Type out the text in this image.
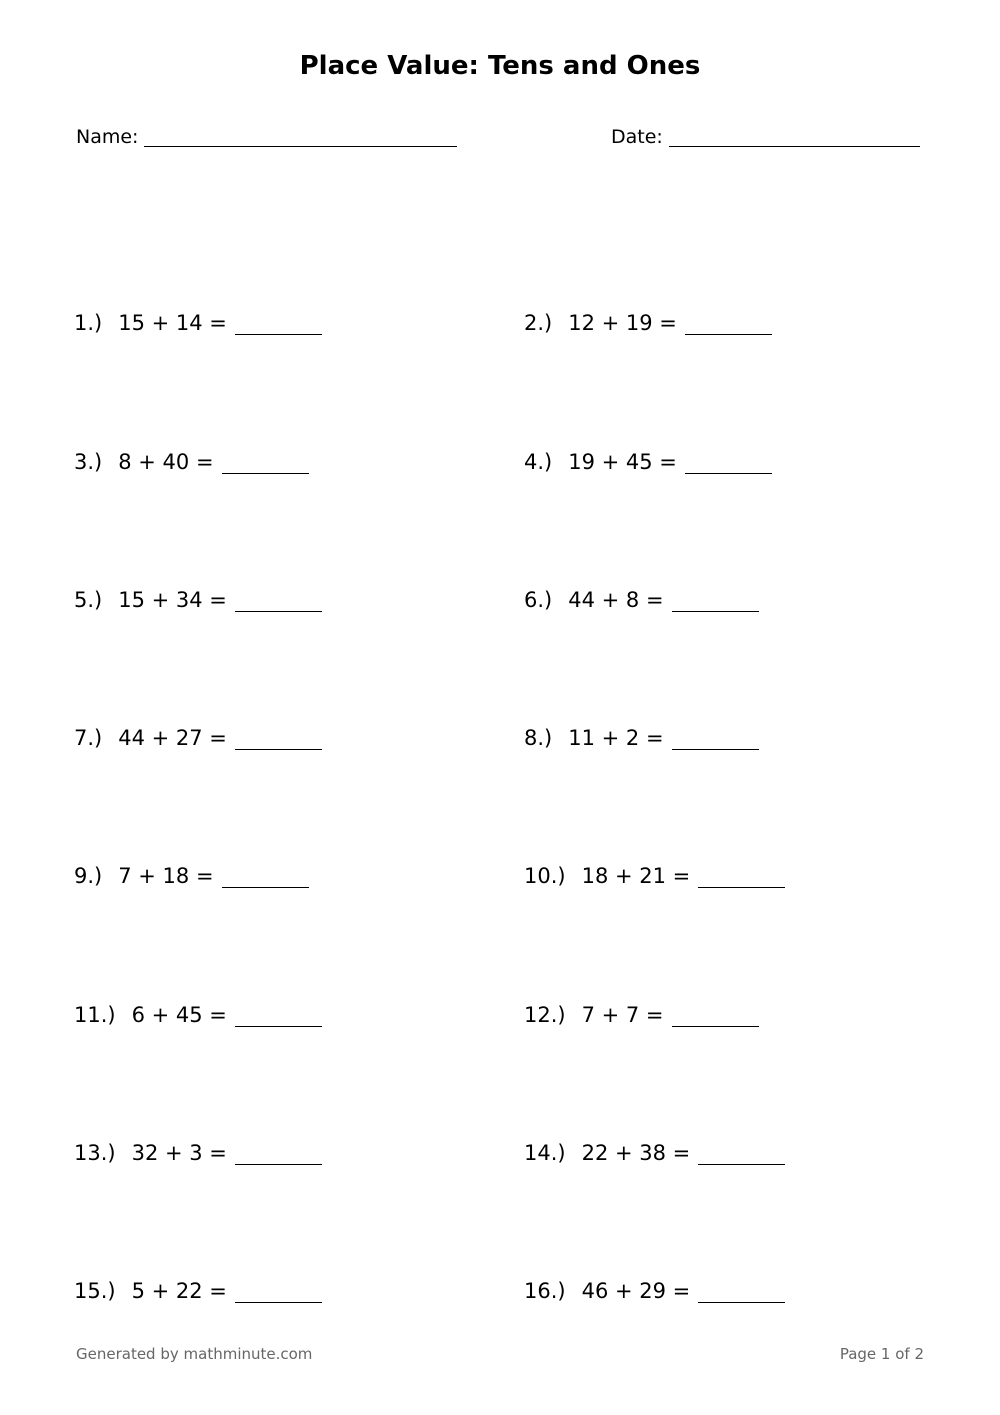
Place Value: Tens and Ones
Name:	Date:
1.) 15 + 14 =	2.) 12 + 19 =
3.) 8 + 40 =	4.) 19 + 45 =
5.) 15 + 34 =	6.) 44 + 8 =
7.) 44 + 27 =	8.) 11 + 2 =
9.) 7 + 18 =	10.) 18 + 21 =
11.) 6 + 45 =	12.) 7 + 7 =
13.) 32 + 3 =	14.) 22 + 38 =
15.) 5 + 22 =	16.) 46 + 29 =
Generated by mathminute.com	Page 1 of 2
